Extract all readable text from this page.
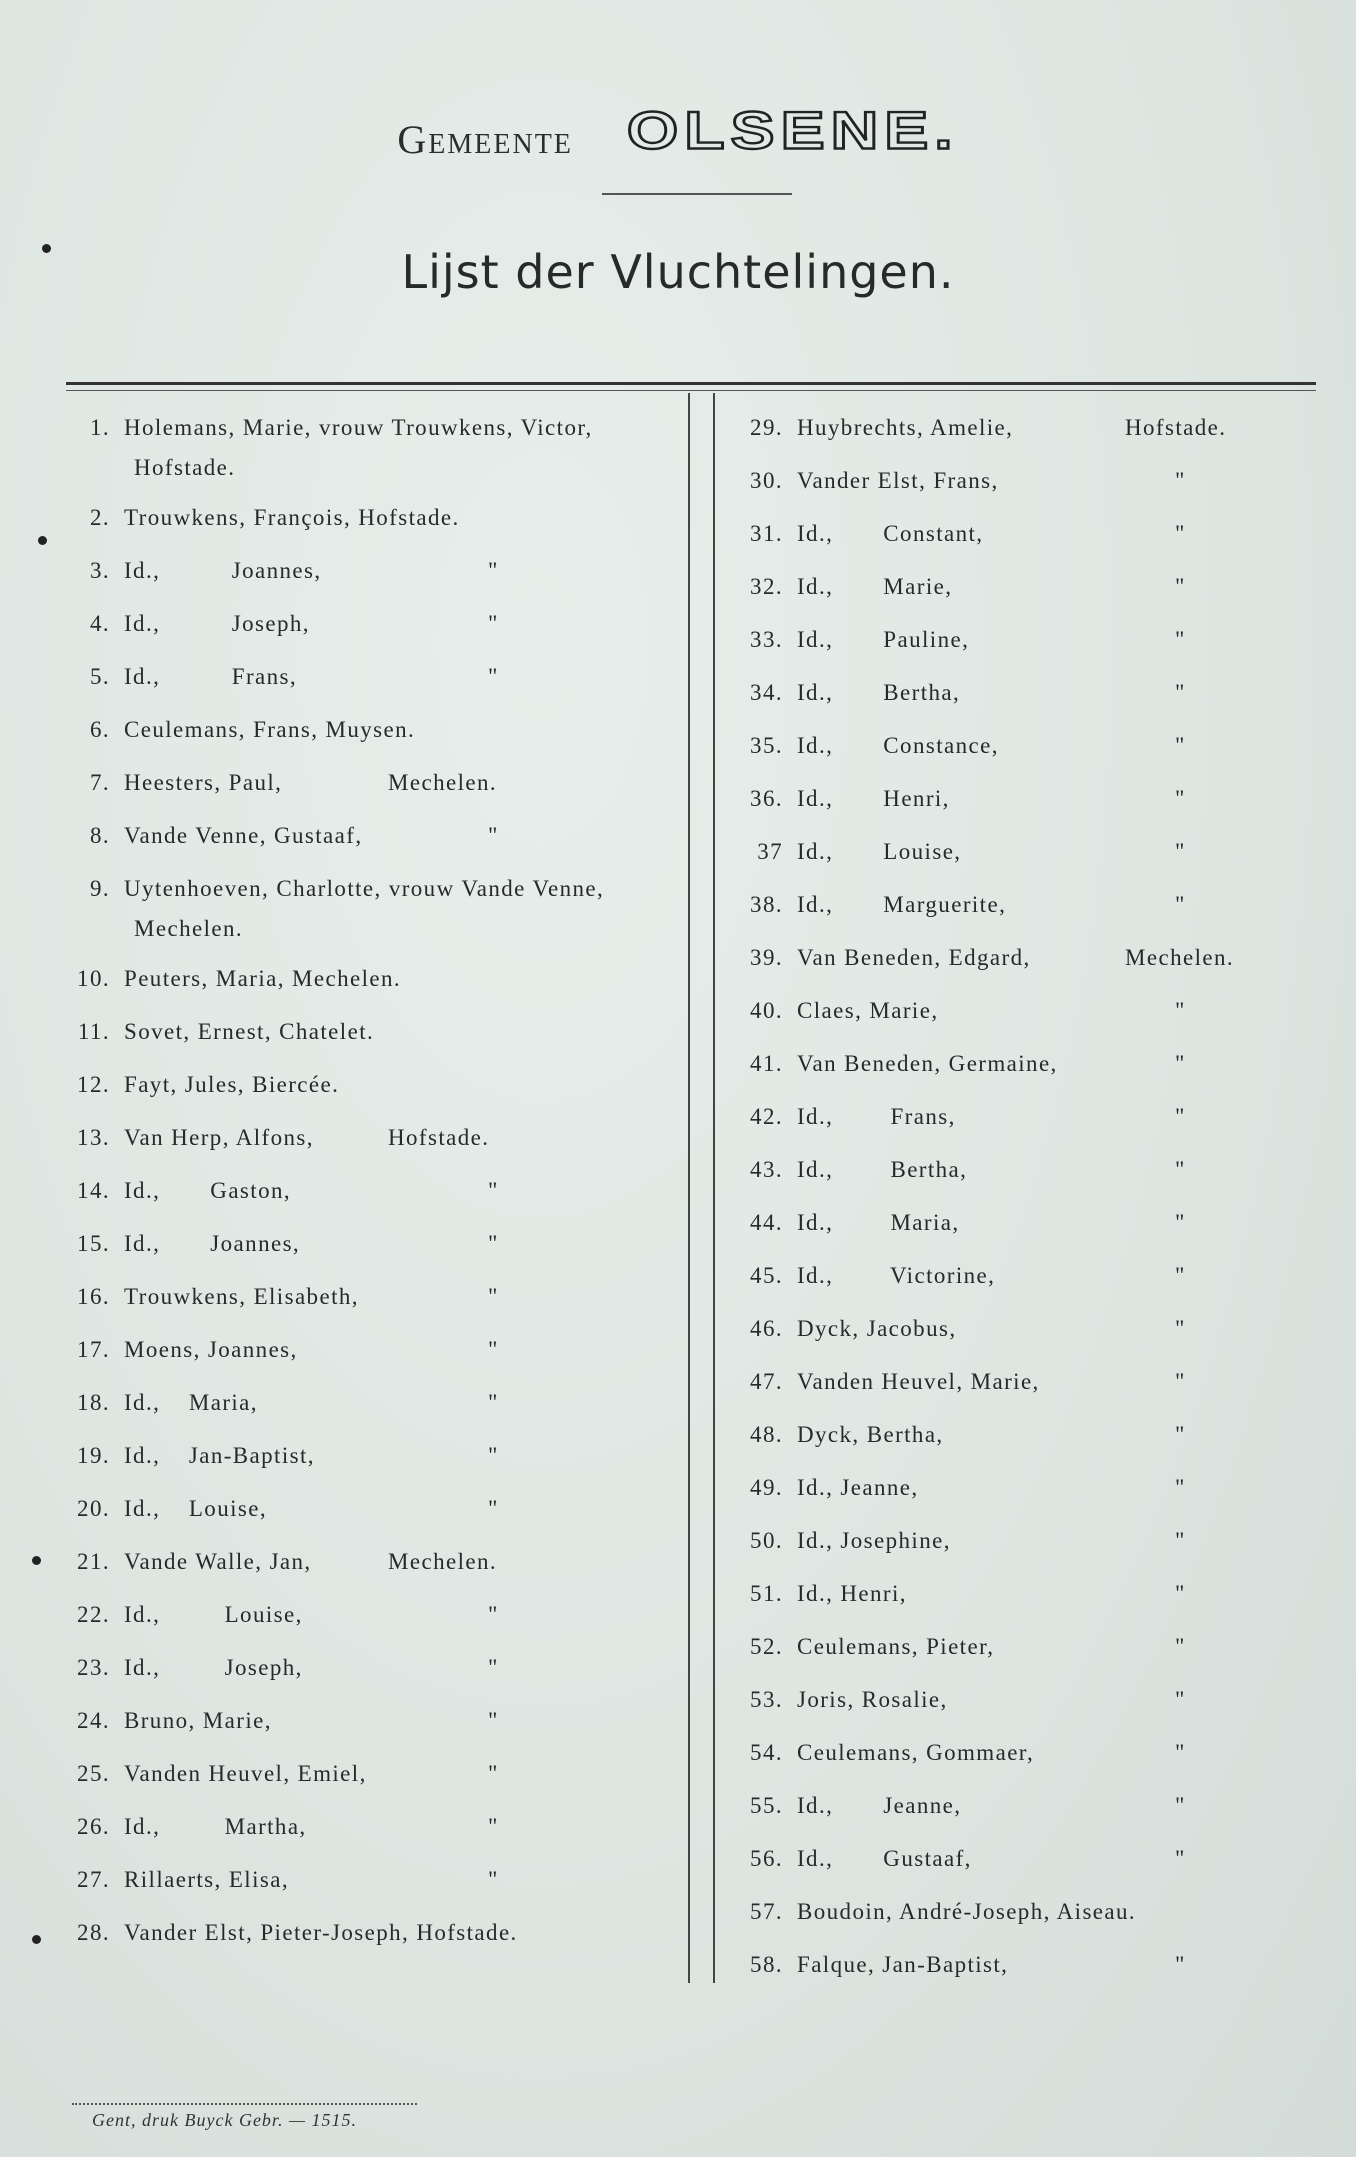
Gemeente OLSENE.
Lijst der Vluchtelingen.
1. Holemans, Marie, vrouw Trouwkens, Victor,
Hofstade.
2. Trouwkens, François, Hofstade.
3. Id.,          Joannes,	"
4. Id.,          Joseph,	"
5. Id.,          Frans,	"
6. Ceulemans, Frans, Muysen.
7. Heesters, Paul,	Mechelen.
8. Vande Venne, Gustaaf,	"
9. Uytenhoeven, Charlotte, vrouw Vande Venne,
Mechelen.
10. Peuters, Maria, Mechelen.
11. Sovet, Ernest, Chatelet.
12. Fayt, Jules, Biercée.
13. Van Herp, Alfons,	Hofstade.
14. Id.,       Gaston,	"
15. Id.,       Joannes,	"
16. Trouwkens, Elisabeth,	"
17. Moens, Joannes,	"
18. Id.,    Maria,	"
19. Id.,    Jan-Baptist,	"
20. Id.,    Louise,	"
21. Vande Walle, Jan,	Mechelen.
22. Id.,         Louise,	"
23. Id.,         Joseph,	"
24. Bruno, Marie,	"
25. Vanden Heuvel, Emiel,	"
26. Id.,         Martha,	"
27. Rillaerts, Elisa,	"
28. Vander Elst, Pieter-Joseph, Hofstade.
29. Huybrechts, Amelie,	Hofstade.
30. Vander Elst, Frans,	"
31. Id.,       Constant,	"
32. Id.,       Marie,	"
33. Id.,       Pauline,	"
34. Id.,       Bertha,	"
35. Id.,       Constance,	"
36. Id.,       Henri,	"
37 Id.,       Louise,	"
38. Id.,       Marguerite,	"
39. Van Beneden, Edgard,	Mechelen.
40. Claes, Marie,	"
41. Van Beneden, Germaine,	"
42. Id.,        Frans,	"
43. Id.,        Bertha,	"
44. Id.,        Maria,	"
45. Id.,        Victorine,	"
46. Dyck, Jacobus,	"
47. Vanden Heuvel, Marie,	"
48. Dyck, Bertha,	"
49. Id., Jeanne,	"
50. Id., Josephine,	"
51. Id., Henri,	"
52. Ceulemans, Pieter,	"
53. Joris, Rosalie,	"
54. Ceulemans, Gommaer,	"
55. Id.,       Jeanne,	"
56. Id.,       Gustaaf,	"
57. Boudoin, André-Joseph, Aiseau.
58. Falque, Jan-Baptist,	"
Gent, druk Buyck Gebr. — 1515.
